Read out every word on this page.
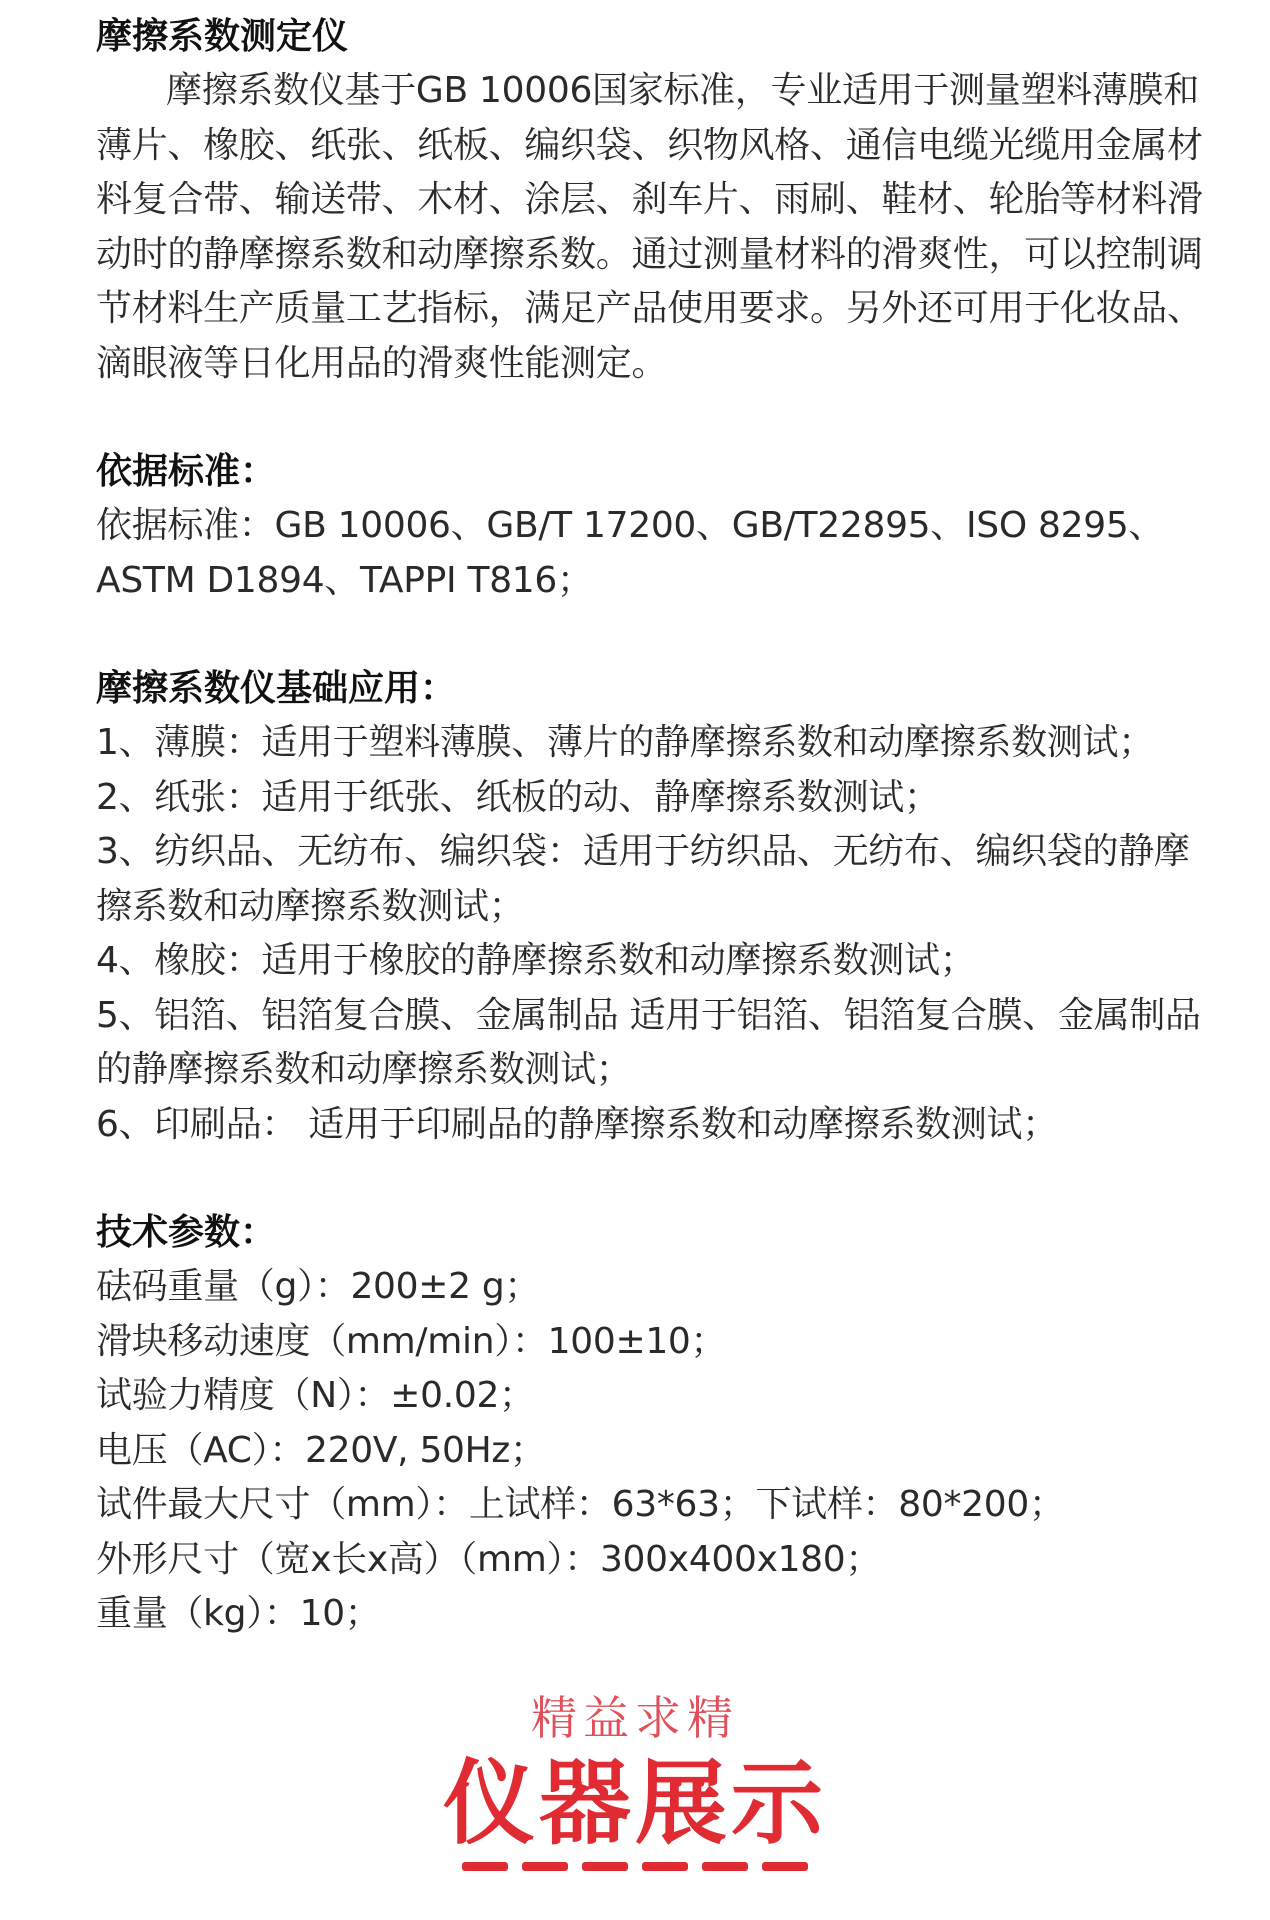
摩擦系数测定仪

摩擦系数仪基于GB 10006国家标准，专业适用于测量塑料薄膜和薄片、橡胶、纸张、纸板、编织袋、织物风格、通信电缆光缆用金属材料复合带、输送带、木材、涂层、刹车片、雨刷、鞋材、轮胎等材料滑动时的静摩擦系数和动摩擦系数。通过测量材料的滑爽性，可以控制调节材料生产质量工艺指标，满足产品使用要求。另外还可用于化妆品、滴眼液等日化用品的滑爽性能测定。

依据标准：

依据标准：GB 10006、GB/T 17200、GB/T22895、ISO 8295、ASTM D1894、TAPPI T816；

摩擦系数仪基础应用：

1、薄膜：适用于塑料薄膜、薄片的静摩擦系数和动摩擦系数测试；

2、纸张：适用于纸张、纸板的动、静摩擦系数测试；

3、纺织品、无纺布、编织袋：适用于纺织品、无纺布、编织袋的静摩擦系数和动摩擦系数测试；

4、橡胶：适用于橡胶的静摩擦系数和动摩擦系数测试；

5、铝箔、铝箔复合膜、金属制品 适用于铝箔、铝箔复合膜、金属制品的静摩擦系数和动摩擦系数测试；

6、印刷品： 适用于印刷品的静摩擦系数和动摩擦系数测试；

技术参数：

砝码重量（g）：200±2 g；

滑块移动速度（mm/min）：100±10；

试验力精度（N）：±0.02；

电压（AC）：220V, 50Hz；

试件最大尺寸（mm）：上试样：63*63；下试样：80*200；

外形尺寸（宽x长x高）（mm）：300x400x180；

重量（kg）：10；

精益求精

仪器展示
